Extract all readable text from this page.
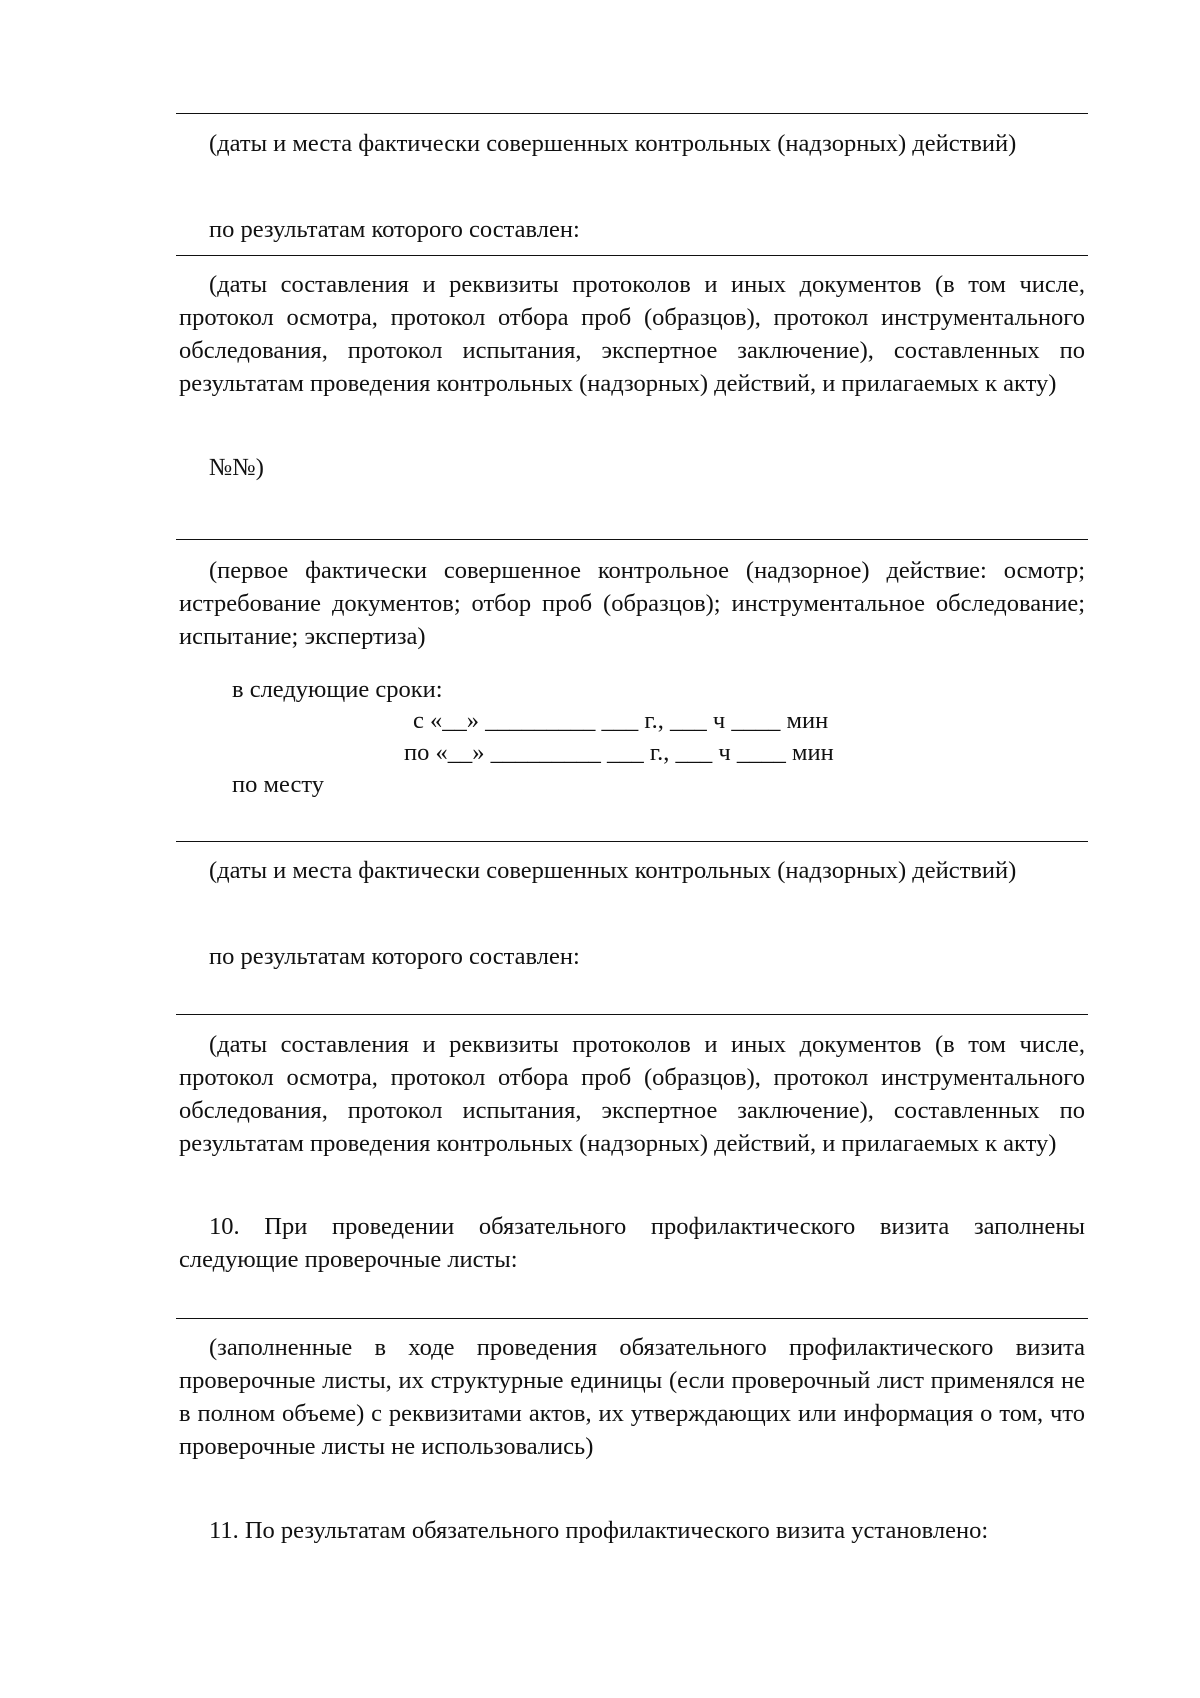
(даты и места фактически совершенных контрольных (надзорных) действий)

по результатам которого составлен:

(даты составления и реквизиты протоколов и иных документов (в том числе, протокол осмотра, протокол отбора проб (образцов), протокол инструментального обследования, протокол испытания, экспертное заключение), составленных по результатам проведения контрольных (надзорных) действий, и прилагаемых к акту)

№№)

(первое фактически совершенное контрольное (надзорное) действие: осмотр; истребование документов; отбор проб (образцов); инструментальное обследование; испытание; экспертиза)

в следующие сроки:

с «__» _________ ___ г., ___ ч ____ мин

по «__» _________ ___ г., ___ ч ____ мин

по месту

(даты и места фактически совершенных контрольных (надзорных) действий)

по результатам которого составлен:

(даты составления и реквизиты протоколов и иных документов (в том числе, протокол осмотра, протокол отбора проб (образцов), протокол инструментального обследования, протокол испытания, экспертное заключение), составленных по результатам проведения контрольных (надзорных) действий, и прилагаемых к акту)

10. При проведении обязательного профилактического визита заполнены следующие проверочные листы:

(заполненные в ходе проведения обязательного профилактического визита проверочные листы, их структурные единицы (если проверочный лист применялся не в полном объеме) с реквизитами актов, их утверждающих или информация о том, что проверочные листы не использовались)

11. По результатам обязательного профилактического визита установлено:
